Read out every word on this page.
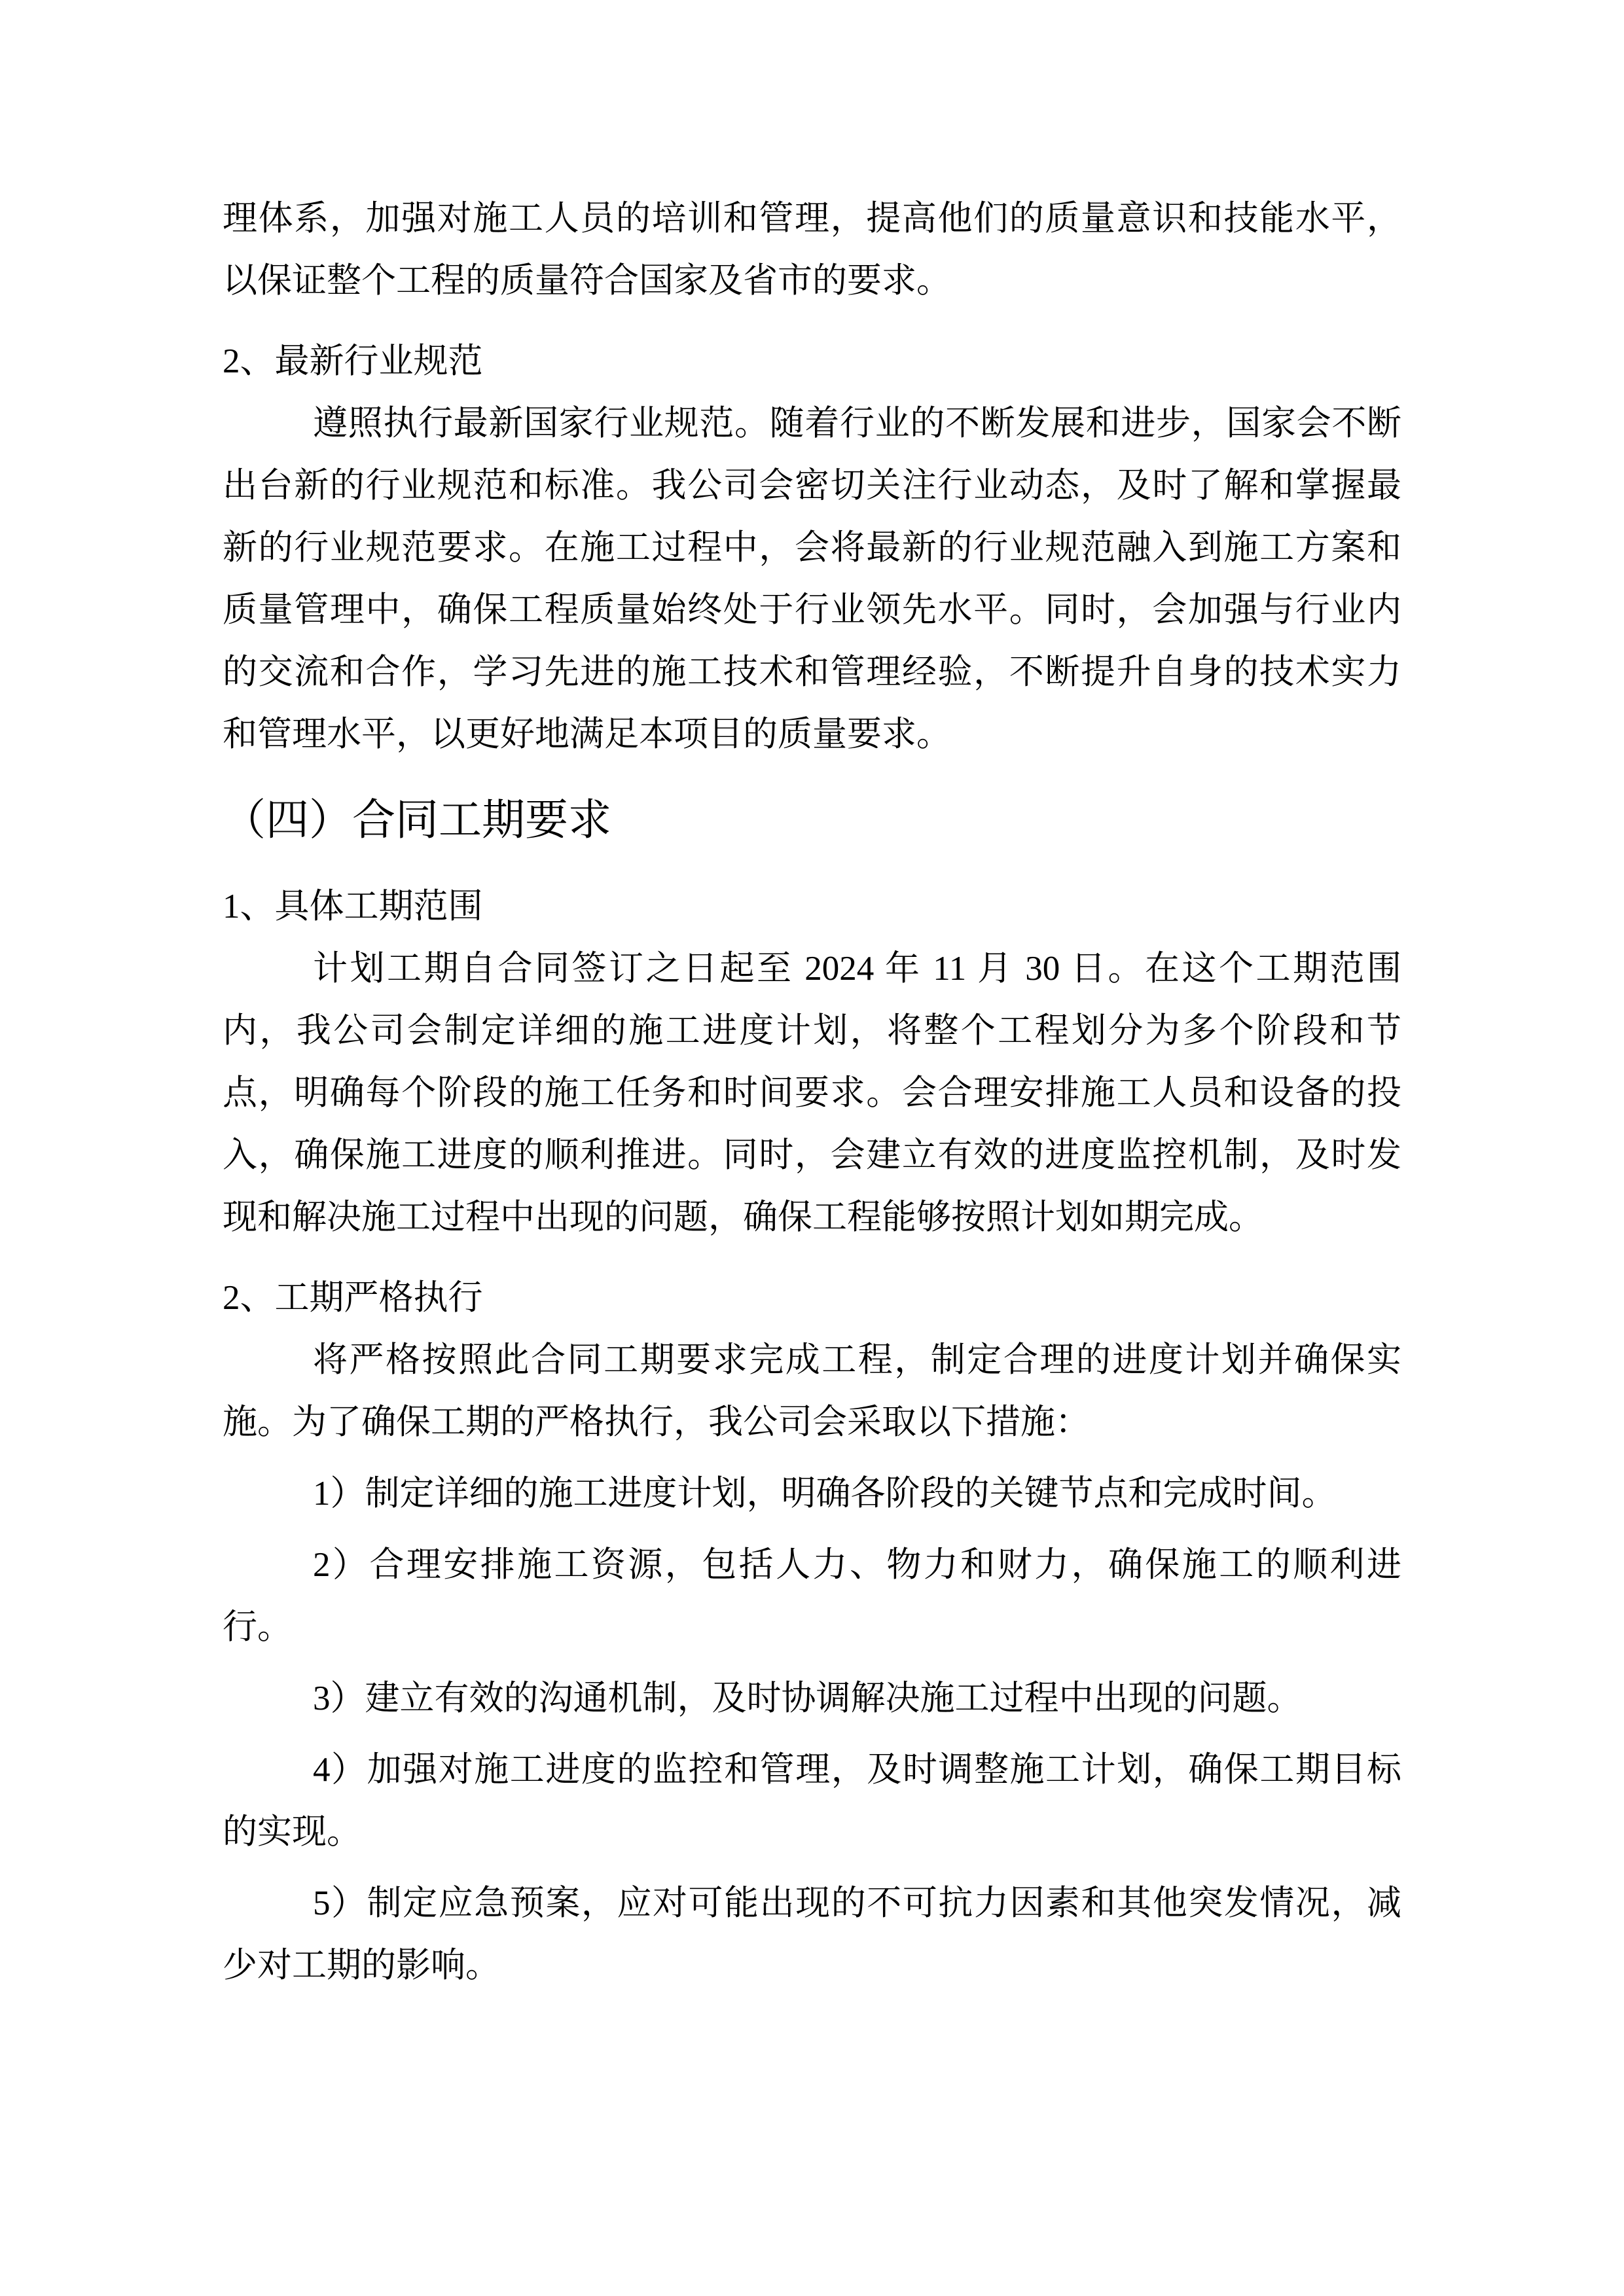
理体系，加强对施工人员的培训和管理，提高他们的质量意识和技能水平，以保证整个工程的质量符合国家及省市的要求。

2、最新行业规范

遵照执行最新国家行业规范。随着行业的不断发展和进步，国家会不断出台新的行业规范和标准。我公司会密切关注行业动态，及时了解和掌握最新的行业规范要求。在施工过程中，会将最新的行业规范融入到施工方案和质量管理中，确保工程质量始终处于行业领先水平。同时，会加强与行业内的交流和合作，学习先进的施工技术和管理经验，不断提升自身的技术实力和管理水平，以更好地满足本项目的质量要求。

（四）合同工期要求

1、具体工期范围

计划工期自合同签订之日起至 2024 年 11 月 30 日。在这个工期范围内，我公司会制定详细的施工进度计划，将整个工程划分为多个阶段和节点，明确每个阶段的施工任务和时间要求。会合理安排施工人员和设备的投入，确保施工进度的顺利推进。同时，会建立有效的进度监控机制，及时发现和解决施工过程中出现的问题，确保工程能够按照计划如期完成。

2、工期严格执行

将严格按照此合同工期要求完成工程，制定合理的进度计划并确保实施。为了确保工期的严格执行，我公司会采取以下措施：

1）制定详细的施工进度计划，明确各阶段的关键节点和完成时间。

2）合理安排施工资源，包括人力、物力和财力，确保施工的顺利进行。

3）建立有效的沟通机制，及时协调解决施工过程中出现的问题。

4）加强对施工进度的监控和管理，及时调整施工计划，确保工期目标的实现。

5）制定应急预案，应对可能出现的不可抗力因素和其他突发情况，减少对工期的影响。
